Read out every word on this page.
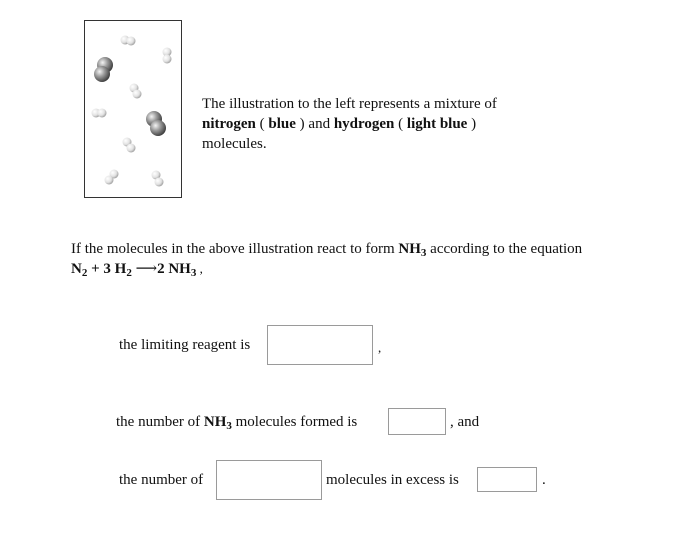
The illustration to the left represents a mixture of
nitrogen ( blue ) and hydrogen ( light blue )
molecules.
If the molecules in the above illustration react to form $NH_3$ according to the equation
$N_2 + 3$ $H_2$ ⟶2 $NH_3$ ,
the limiting reagent is	,
the number of $NH_3$ molecules formed is	, and
the number of	molecules in excess is	.
